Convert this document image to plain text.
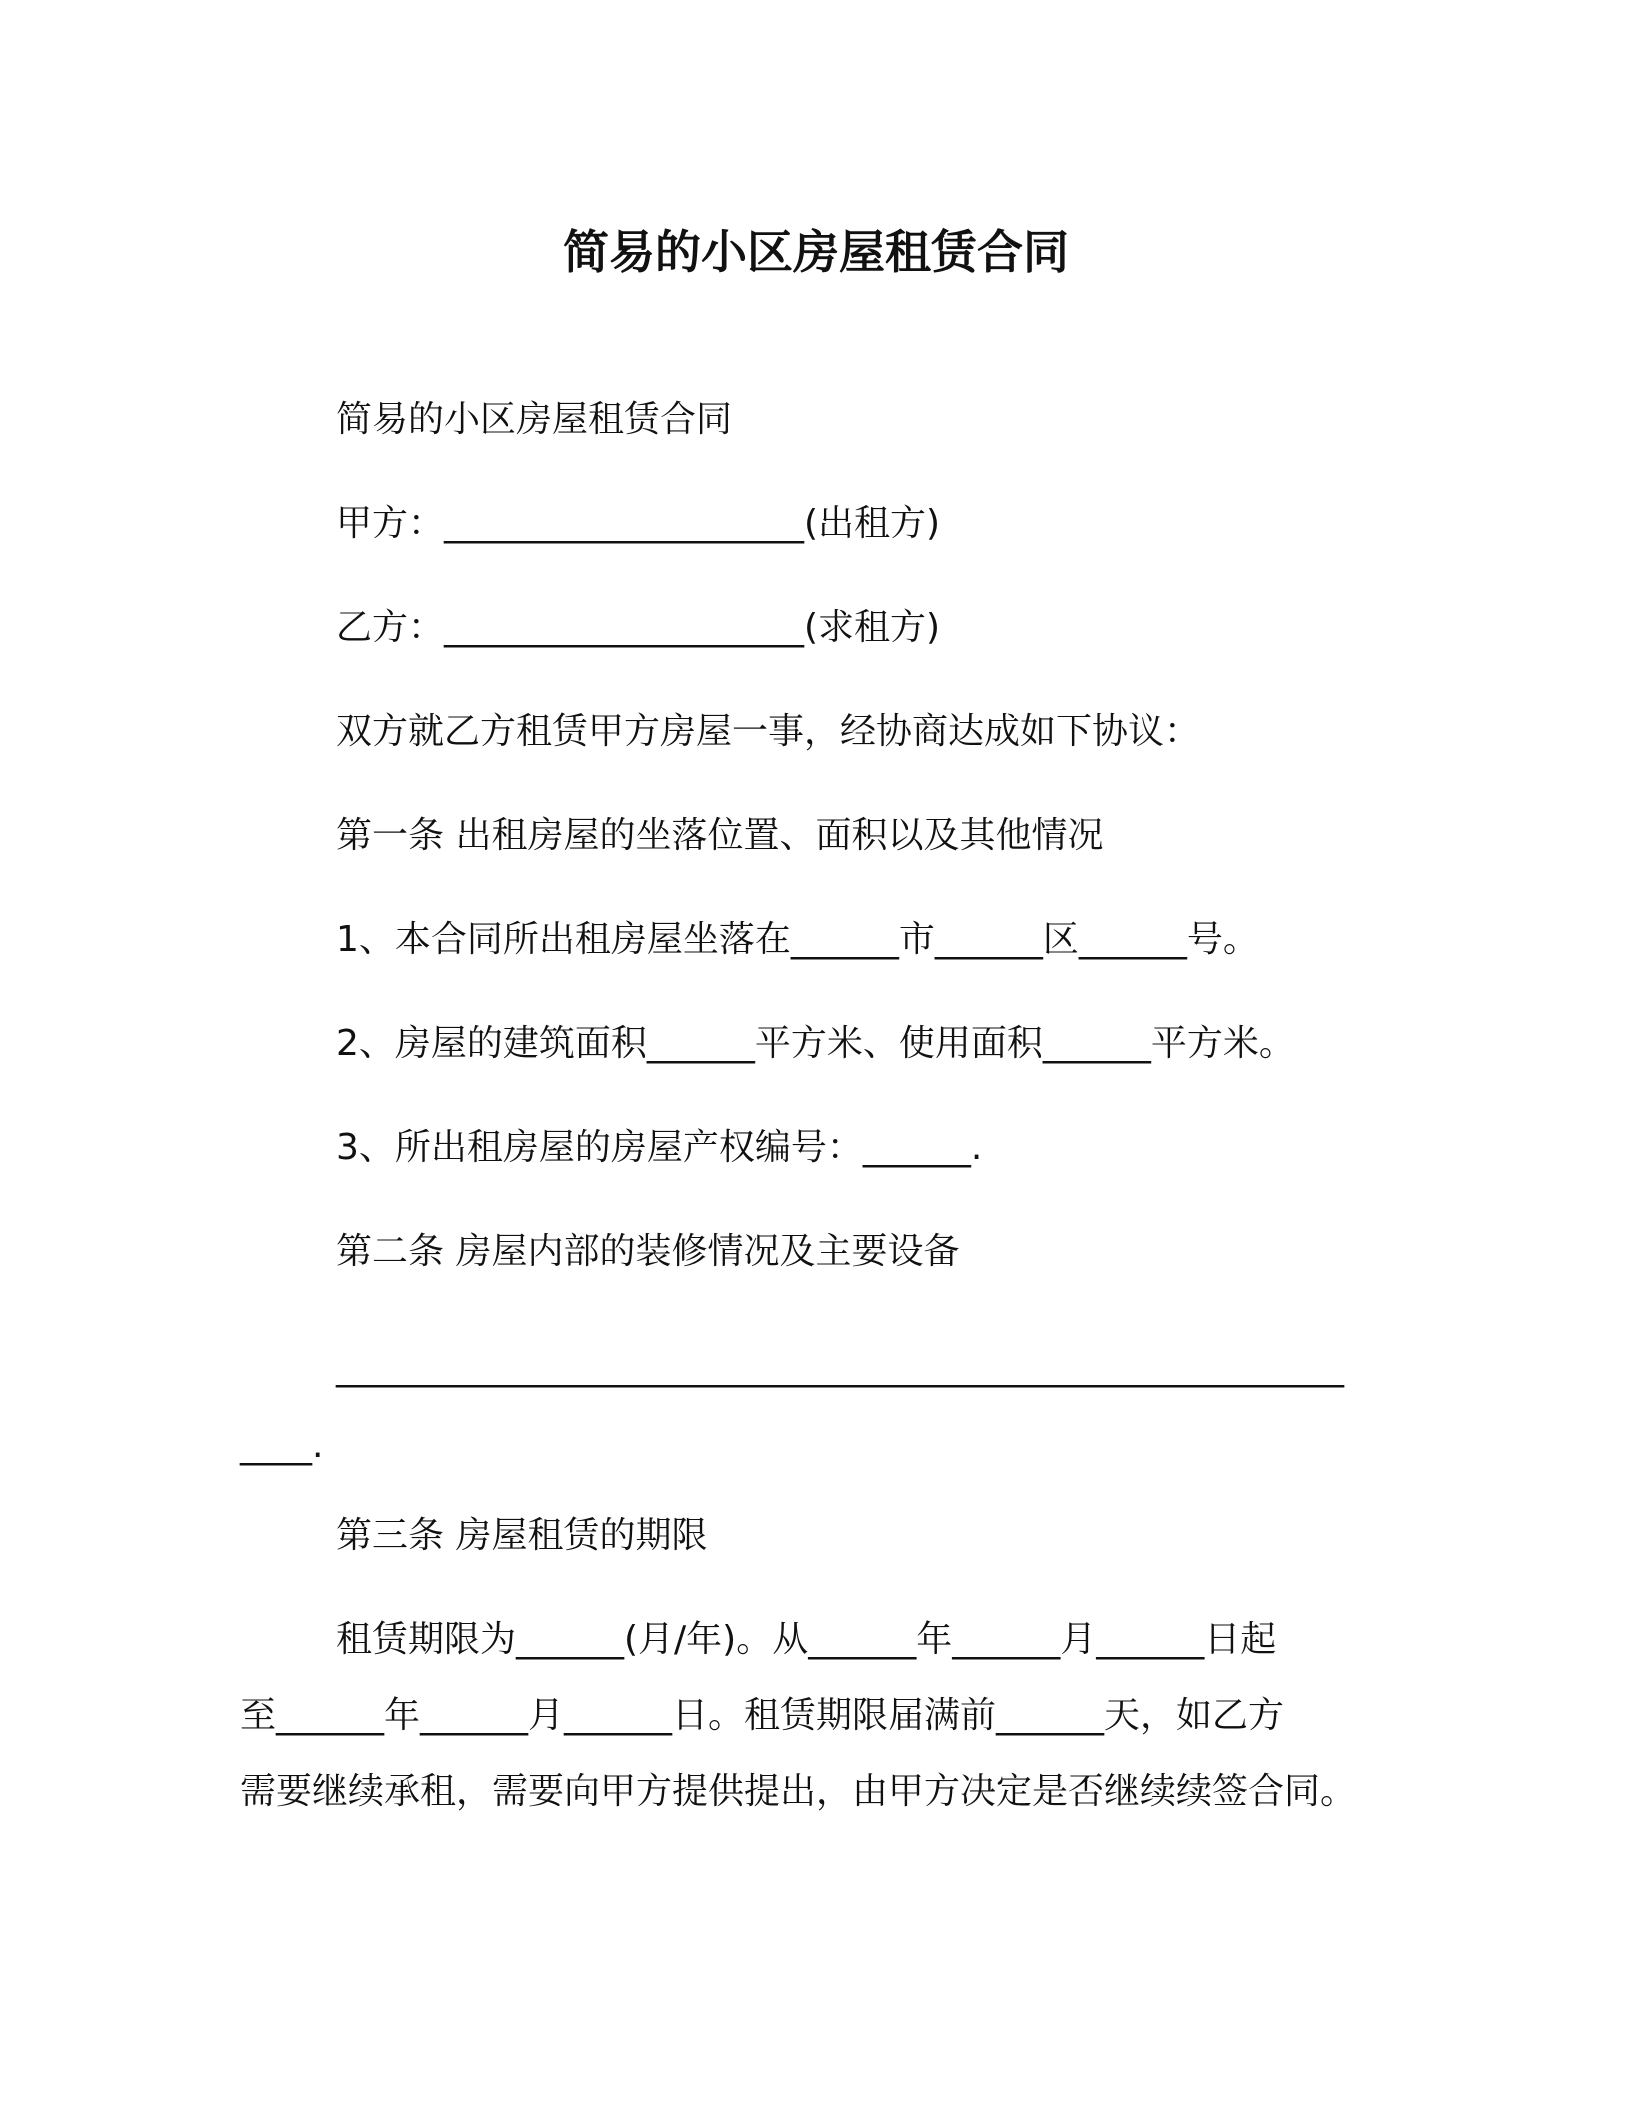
简易的小区房屋租赁合同
简易的小区房屋租赁合同
甲方：____________________(出租方)
乙方：____________________(求租方)
双方就乙方租赁甲方房屋一事，经协商达成如下协议：
第一条 出租房屋的坐落位置、面积以及其他情况
1、本合同所出租房屋坐落在______市______区______号。
2、房屋的建筑面积______平方米、使用面积______平方米。
3、所出租房屋的房屋产权编号：______.
第二条 房屋内部的装修情况及主要设备
________________________________________________________
____.
第三条 房屋租赁的期限
租赁期限为______(月/年)。从______年______月______日起
至______年______月______日。租赁期限届满前______天，如乙方
需要继续承租，需要向甲方提供提出，由甲方决定是否继续续签合同。
